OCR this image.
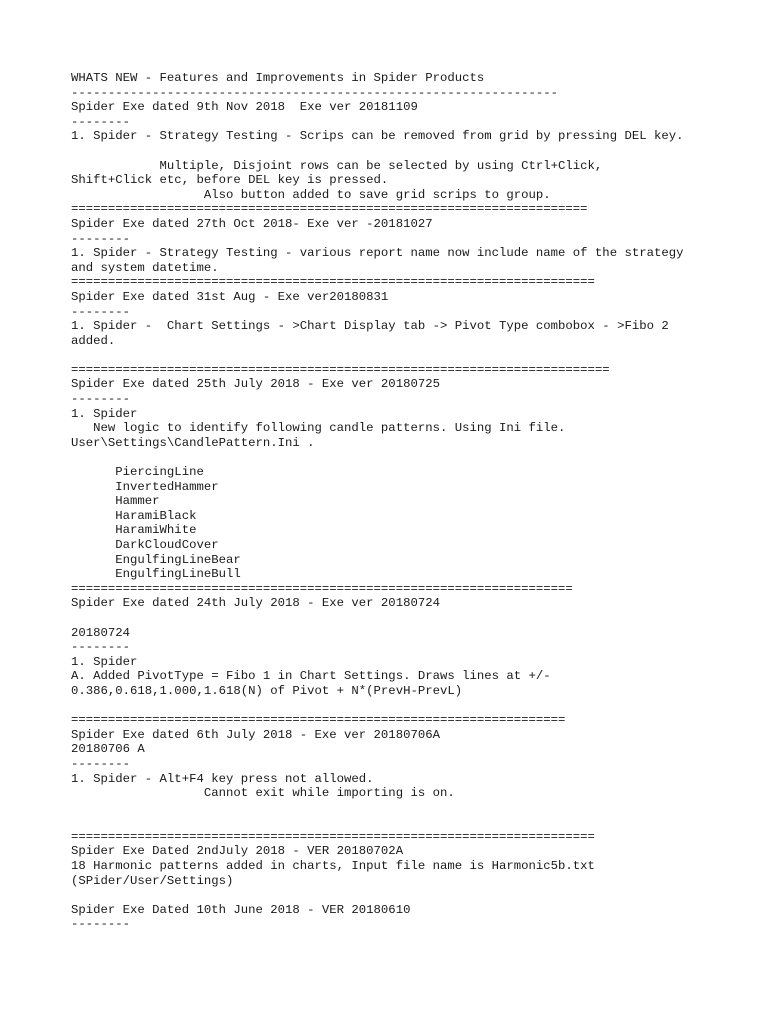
WHATS NEW - Features and Improvements in Spider Products
------------------------------------------------------------------
Spider Exe dated 9th Nov 2018  Exe ver 20181109
--------
1. Spider - Strategy Testing - Scrips can be removed from grid by pressing DEL key.
Multiple, Disjoint rows can be selected by using Ctrl+Click,
Shift+Click etc, before DEL key is pressed.
Also button added to save grid scrips to group.
======================================================================
Spider Exe dated 27th Oct 2018- Exe ver -20181027
--------
1. Spider - Strategy Testing - various report name now include name of the strategy
and system datetime.
=======================================================================
Spider Exe dated 31st Aug - Exe ver20180831
--------
1. Spider -  Chart Settings - >Chart Display tab -> Pivot Type combobox - >Fibo 2
added.
=========================================================================
Spider Exe dated 25th July 2018 - Exe ver 20180725
--------
1. Spider
New logic to identify following candle patterns. Using Ini file.
User\Settings\CandlePattern.Ini .
PiercingLine
InvertedHammer
Hammer
HaramiBlack
HaramiWhite
DarkCloudCover
EngulfingLineBear
EngulfingLineBull
====================================================================
Spider Exe dated 24th July 2018 - Exe ver 20180724
20180724
--------
1. Spider
A. Added PivotType = Fibo 1 in Chart Settings. Draws lines at +/-
0.386,0.618,1.000,1.618(N) of Pivot + N*(PrevH-PrevL)
===================================================================
Spider Exe dated 6th July 2018 - Exe ver 20180706A
20180706 A
--------
1. Spider - Alt+F4 key press not allowed.
Cannot exit while importing is on.
=======================================================================
Spider Exe Dated 2ndJuly 2018 - VER 20180702A
18 Harmonic patterns added in charts, Input file name is Harmonic5b.txt
(SPider/User/Settings)
Spider Exe Dated 10th June 2018 - VER 20180610
--------
